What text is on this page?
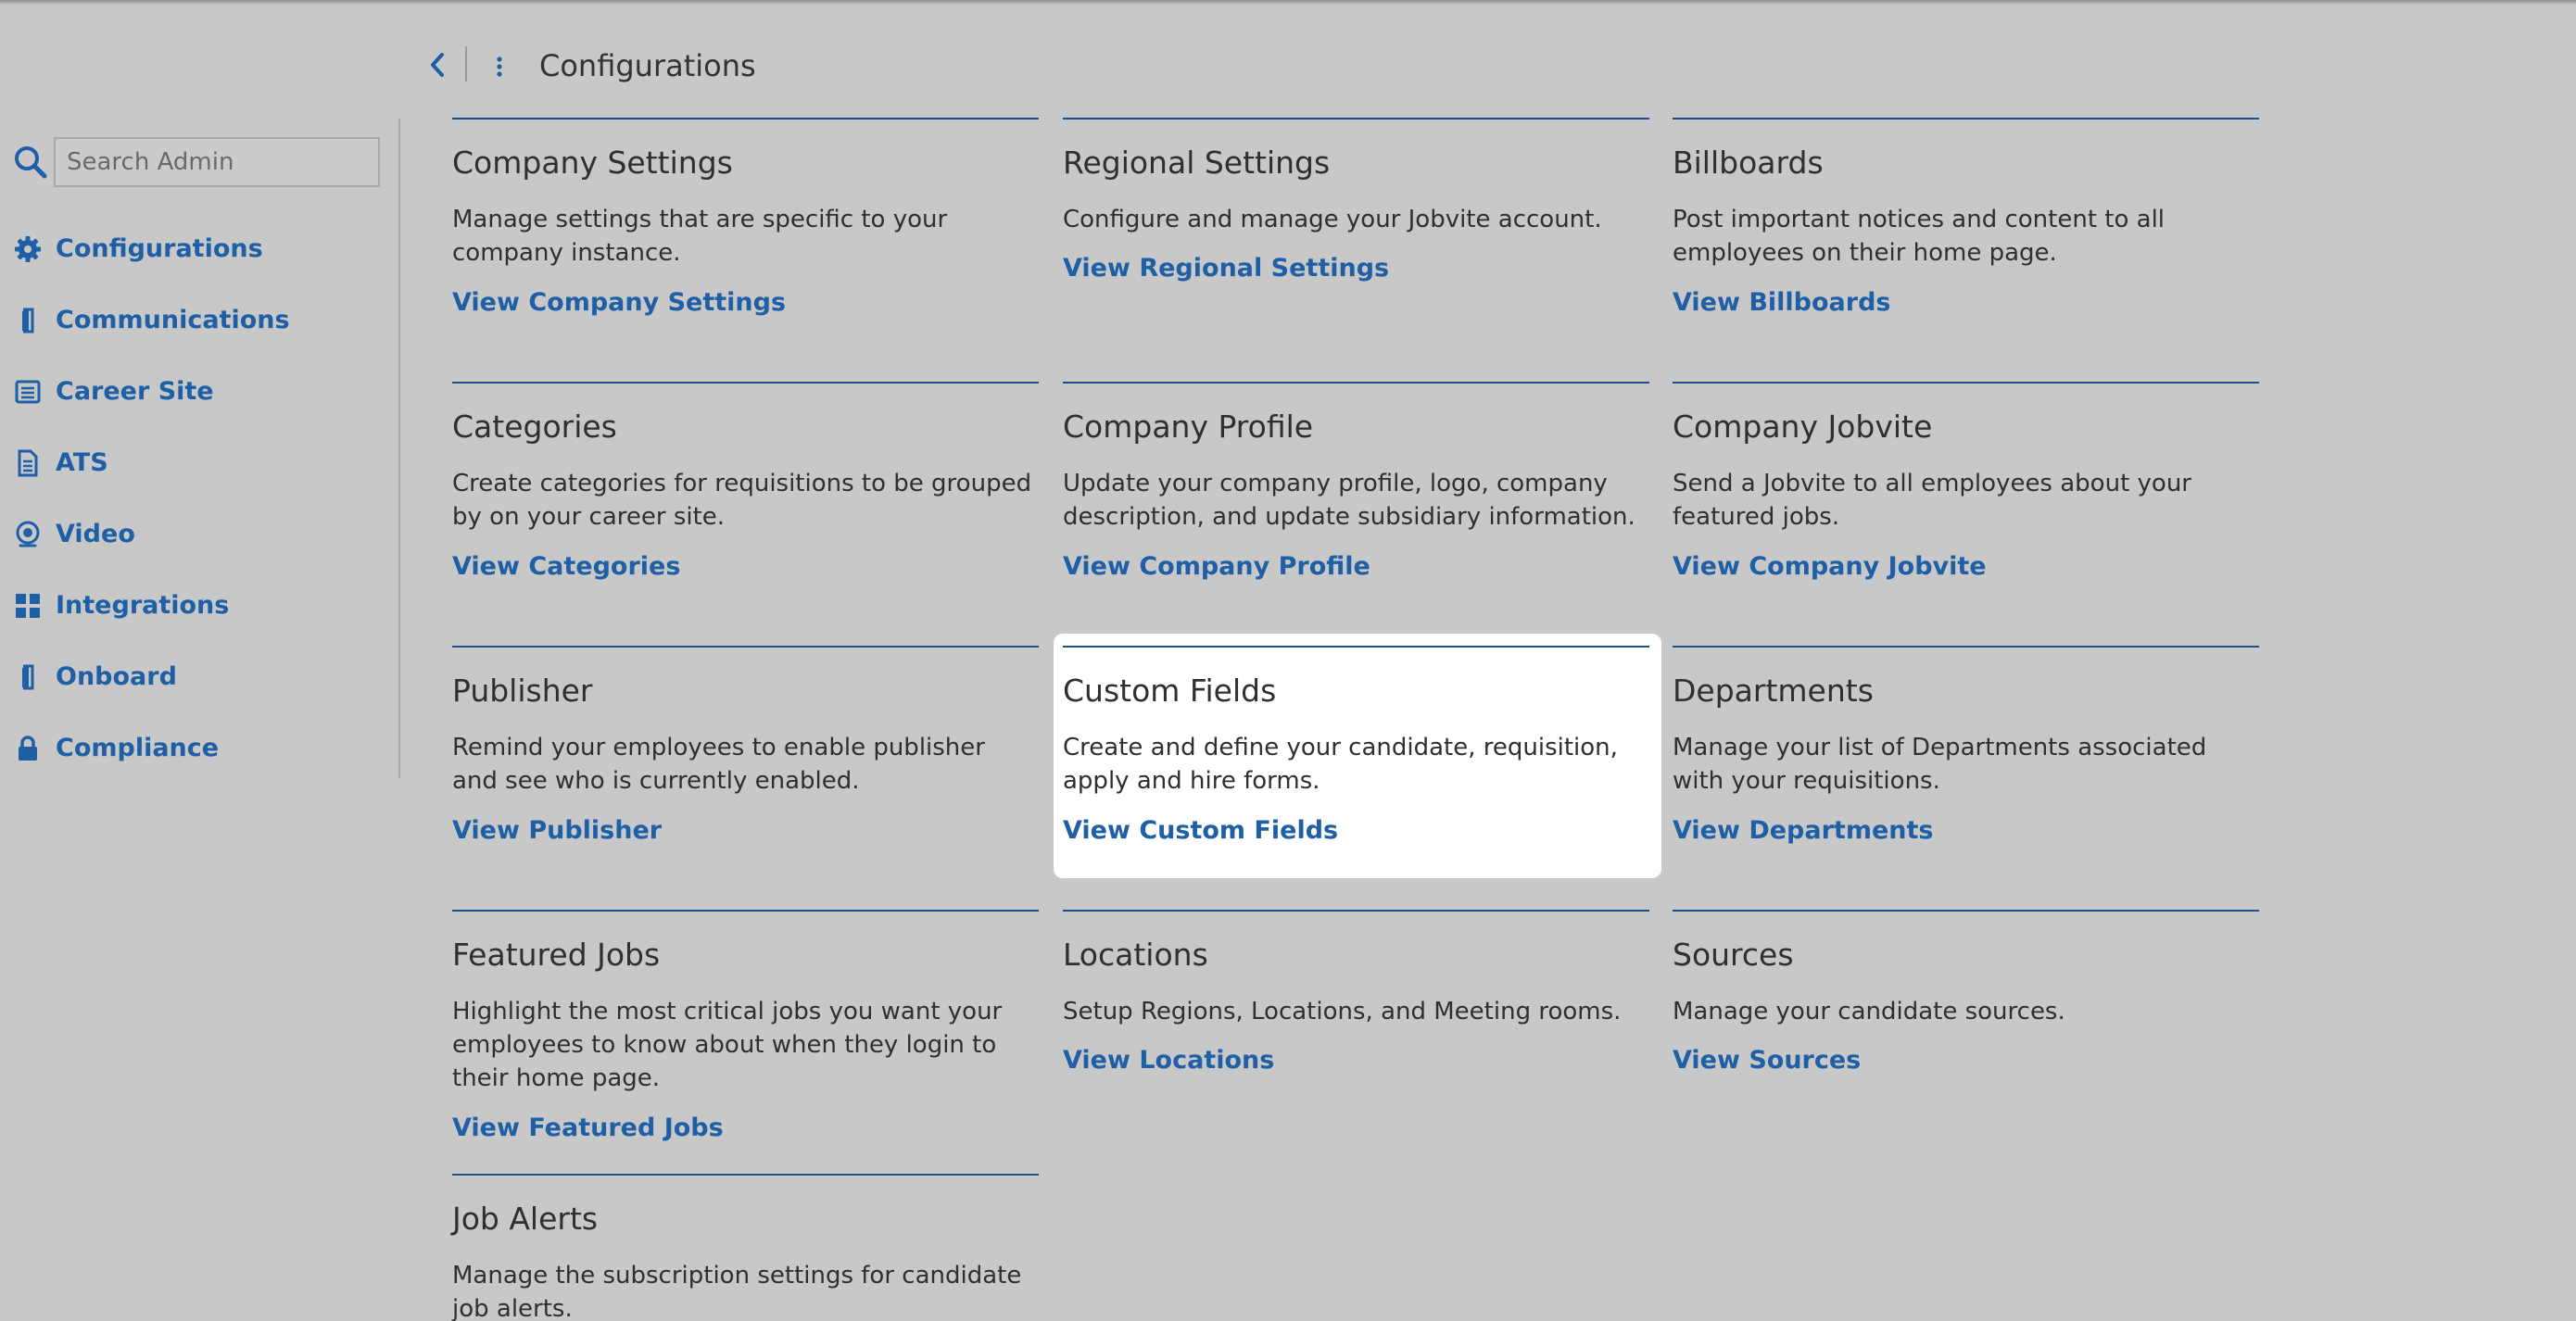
Configurations
Search Admin
Configurations
Communications
Career Site
ATS
Video
Integrations
Onboard
Compliance
Company Settings
Manage settings that are specific to your company instance.
View Company Settings
Regional Settings
Configure and manage your Jobvite account.
View Regional Settings
Billboards
Post important notices and content to all employees on their home page.
View Billboards
Categories
Create categories for requisitions to be grouped by on your career site.
View Categories
Company Profile
Update your company profile, logo, company description, and update subsidiary information.
View Company Profile
Company Jobvite
Send a Jobvite to all employees about your featured jobs.
View Company Jobvite
Publisher
Remind your employees to enable publisher and see who is currently enabled.
View Publisher
Custom Fields
Create and define your candidate, requisition, apply and hire forms.
View Custom Fields
Departments
Manage your list of Departments associated with your requisitions.
View Departments
Featured Jobs
Highlight the most critical jobs you want your employees to know about when they login to their home page.
View Featured Jobs
Locations
Setup Regions, Locations, and Meeting rooms.
View Locations
Sources
Manage your candidate sources.
View Sources
Job Alerts
Manage the subscription settings for candidate job alerts.
